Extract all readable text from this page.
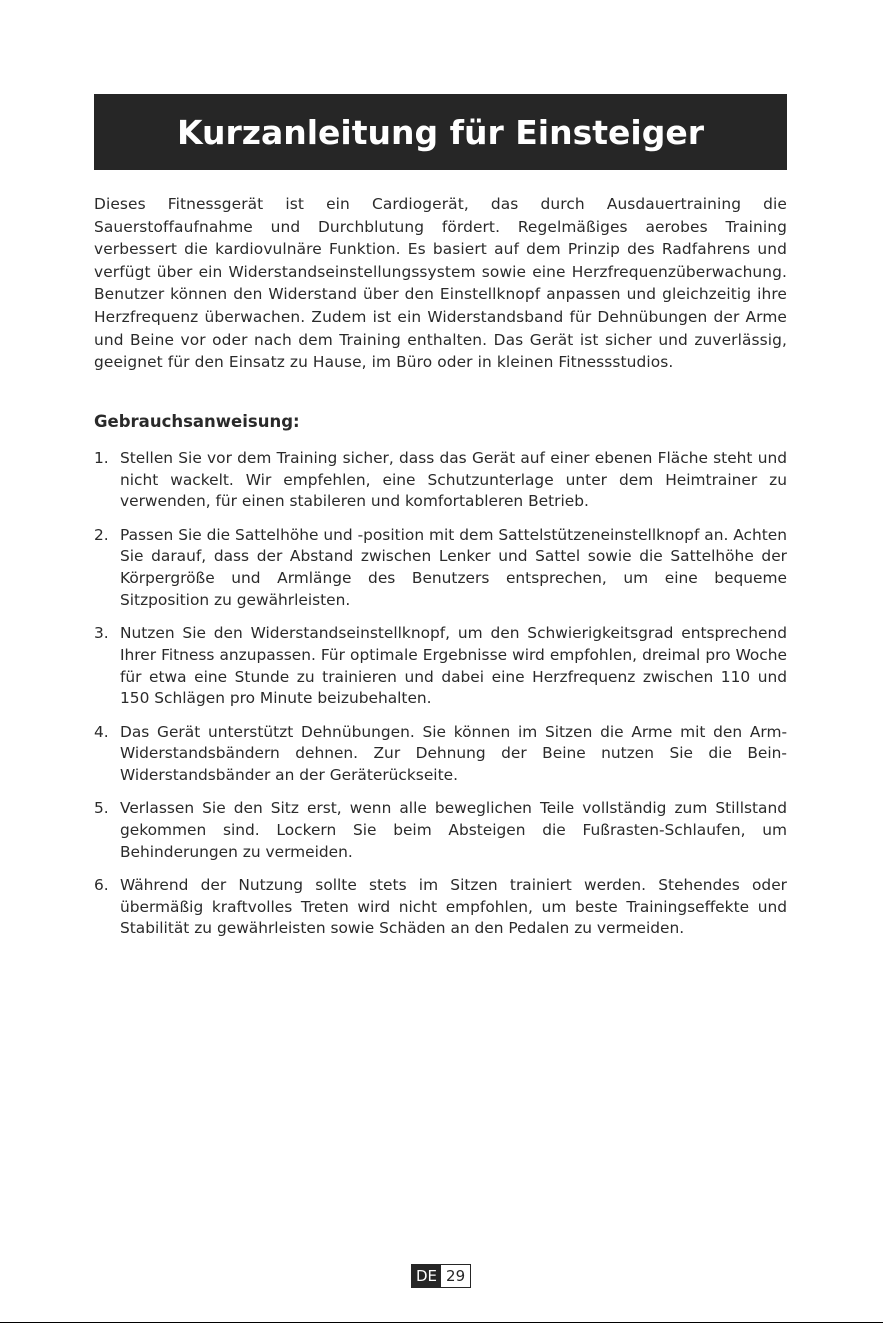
Kurzanleitung für Einsteiger

Dieses Fitnessgerät ist ein Cardiogerät, das durch Ausdauertraining die Sauerstoffaufnahme und Durchblutung fördert. Regelmäßiges aerobes Training verbessert die kardiovulnäre Funktion. Es basiert auf dem Prinzip des Radfahrens und verfügt über ein Widerstandseinstellungssystem sowie eine Herzfrequenzüberwachung. Benutzer können den Widerstand über den Einstellknopf anpassen und gleichzeitig ihre Herzfrequenz überwachen. Zudem ist ein Widerstandsband für Dehnübungen der Arme und Beine vor oder nach dem Training enthalten. Das Gerät ist sicher und zuverlässig, geeignet für den Einsatz zu Hause, im Büro oder in kleinen Fitnessstudios.

Gebrauchsanweisung:
1. Stellen Sie vor dem Training sicher, dass das Gerät auf einer ebenen Fläche steht und nicht wackelt. Wir empfehlen, eine Schutzunterlage unter dem Heimtrainer zu verwenden, für einen stabileren und komfortableren Betrieb.
2. Passen Sie die Sattelhöhe und -position mit dem Sattelstützeneinstellknopf an. Achten Sie darauf, dass der Abstand zwischen Lenker und Sattel sowie die Sattelhöhe der Körpergröße und Armlänge des Benutzers entsprechen, um eine bequeme Sitzposition zu gewährleisten.
3. Nutzen Sie den Widerstandseinstellknopf, um den Schwierigkeitsgrad entsprechend Ihrer Fitness anzupassen. Für optimale Ergebnisse wird empfohlen, dreimal pro Woche für etwa eine Stunde zu trainieren und dabei eine Herzfrequenz zwischen 110 und 150 Schlägen pro Minute beizubehalten.
4. Das Gerät unterstützt Dehnübungen. Sie können im Sitzen die Arme mit den Arm-Widerstandsbändern dehnen. Zur Dehnung der Beine nutzen Sie die Bein-Widerstandsbänder an der Geräterückseite.
5. Verlassen Sie den Sitz erst, wenn alle beweglichen Teile vollständig zum Stillstand gekommen sind. Lockern Sie beim Absteigen die Fußrasten-Schlaufen, um Behinderungen zu vermeiden.
6. Während der Nutzung sollte stets im Sitzen trainiert werden. Stehendes oder übermäßig kraftvolles Treten wird nicht empfohlen, um beste Trainingseffekte und Stabilität zu gewährleisten sowie Schäden an den Pedalen zu vermeiden.
DE 29
